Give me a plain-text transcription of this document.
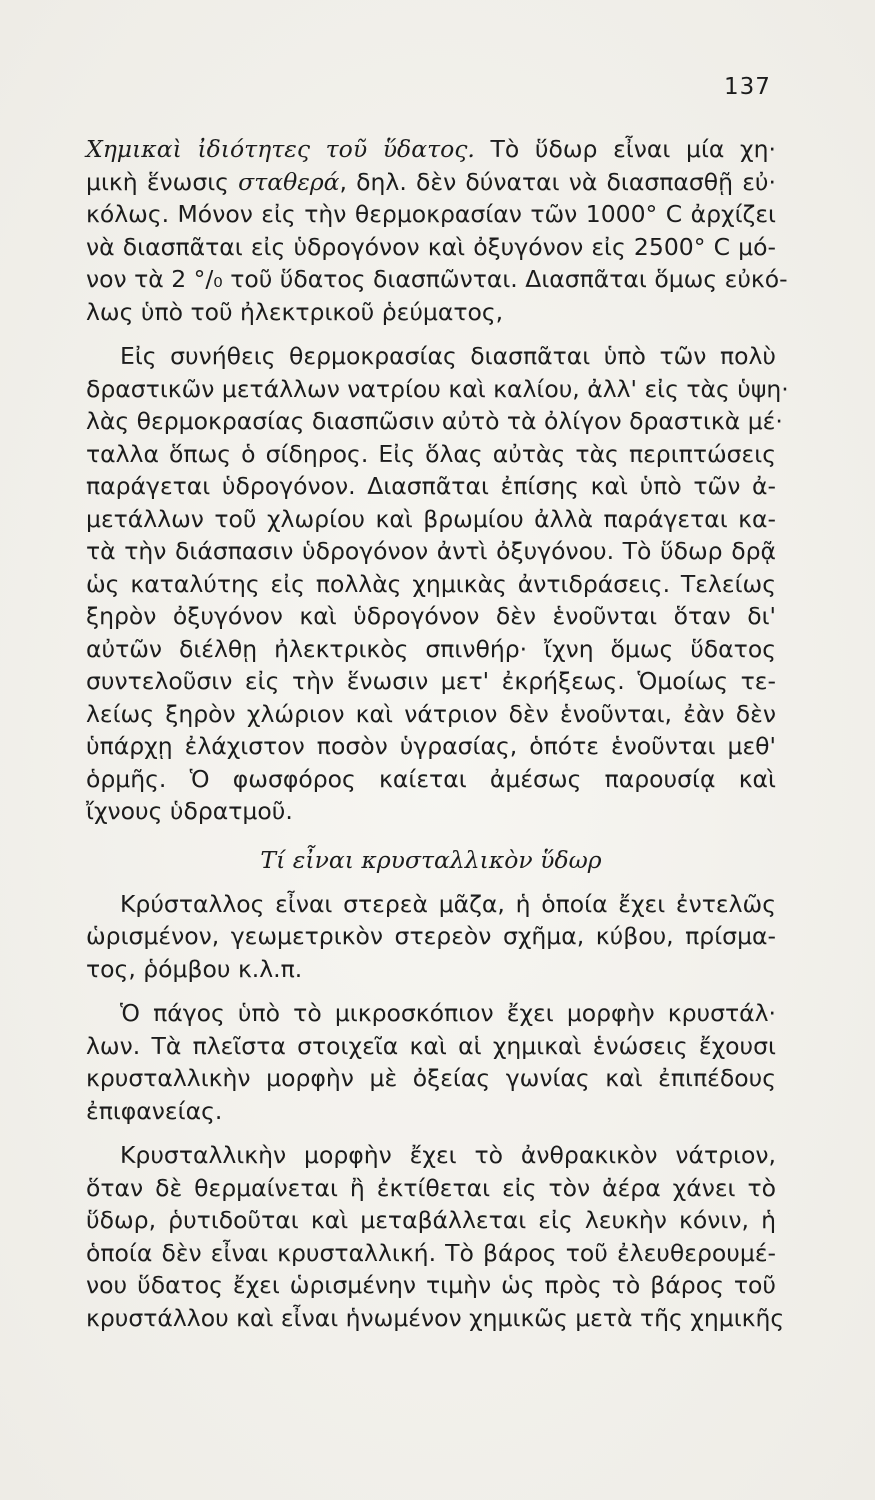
137
Χημικαὶ ἰδιότητες τοῦ ὕδατος. Τὸ ὕδωρ εἶναι μία χη·
μικὴ ἕνωσις σταθερά, δηλ. δὲν δύναται νὰ διασπασθῇ εὐ·
κόλως. Μόνον εἰς τὴν θερμοκρασίαν τῶν 1000° C ἀρχίζει
νὰ διασπᾶται εἰς ὑδρογόνον καὶ ὀξυγόνον εἰς 2500° C μό-
νον τὰ 2 °/₀ τοῦ ὕδατος διασπῶνται. Διασπᾶται ὅμως εὐκό-
λως ὑπὸ τοῦ ἠλεκτρικοῦ ῥεύματος,
Εἰς συνήθεις θερμοκρασίας διασπᾶται ὑπὸ τῶν πολὺ
δραστικῶν μετάλλων νατρίου καὶ καλίου, ἀλλ' εἰς τὰς ὑψη·
λὰς θερμοκρασίας διασπῶσιν αὐτὸ τὰ ὀλίγον δραστικὰ μέ·
ταλλα ὅπως ὁ σίδηρος. Εἰς ὅλας αὐτὰς τὰς περιπτώσεις
παράγεται ὑδρογόνον. Διασπᾶται ἐπίσης καὶ ὑπὸ τῶν ἀ-
μετάλλων τοῦ χλωρίου καὶ βρωμίου ἀλλὰ παράγεται κα-
τὰ τὴν διάσπασιν ὑδρογόνον ἀντὶ ὀξυγόνου. Τὸ ὕδωρ δρᾷ
ὡς καταλύτης εἰς πολλὰς χημικὰς ἀντιδράσεις. Τελείως
ξηρὸν ὀξυγόνον καὶ ὑδρογόνον δὲν ἑνοῦνται ὅταν δι'
αὐτῶν διέλθῃ ἠλεκτρικὸς σπινθήρ· ἴχνη ὅμως ὕδατος
συντελοῦσιν εἰς τὴν ἕνωσιν μετ' ἐκρήξεως. Ὁμοίως τε-
λείως ξηρὸν χλώριον καὶ νάτριον δὲν ἑνοῦνται, ἐὰν δὲν
ὑπάρχῃ ἐλάχιστον ποσὸν ὑγρασίας, ὁπότε ἑνοῦνται μεθ'
ὁρμῆς. Ὁ φωσφόρος καίεται ἀμέσως παρουσίᾳ καὶ
ἴχνους ὑδρατμοῦ.
Τί εἶναι κρυσταλλικὸν ὕδωρ
Κρύσταλλος εἶναι στερεὰ μᾶζα, ἡ ὁποία ἔχει ἐντελῶς
ὡρισμένον, γεωμετρικὸν στερεὸν σχῆμα, κύβου, πρίσμα-
τος, ῥόμβου κ.λ.π.
Ὁ πάγος ὑπὸ τὸ μικροσκόπιον ἔχει μορφὴν κρυστάλ·
λων. Τὰ πλεῖστα στοιχεῖα καὶ αἱ χημικαὶ ἑνώσεις ἔχουσι
κρυσταλλικὴν μορφὴν μὲ ὀξείας γωνίας καὶ ἐπιπέδους
ἐπιφανείας.
Κρυσταλλικὴν μορφὴν ἔχει τὸ ἀνθρακικὸν νάτριον,
ὅταν δὲ θερμαίνεται ἢ ἐκτίθεται εἰς τὸν ἀέρα χάνει τὸ
ὕδωρ, ῥυτιδοῦται καὶ μεταβάλλεται εἰς λευκὴν κόνιν, ἡ
ὁποία δὲν εἶναι κρυσταλλική. Τὸ βάρος τοῦ ἐλευθερουμέ-
νου ὕδατος ἔχει ὡρισμένην τιμὴν ὡς πρὸς τὸ βάρος τοῦ
κρυστάλλου καὶ εἶναι ἡνωμένον χημικῶς μετὰ τῆς χημικῆς
